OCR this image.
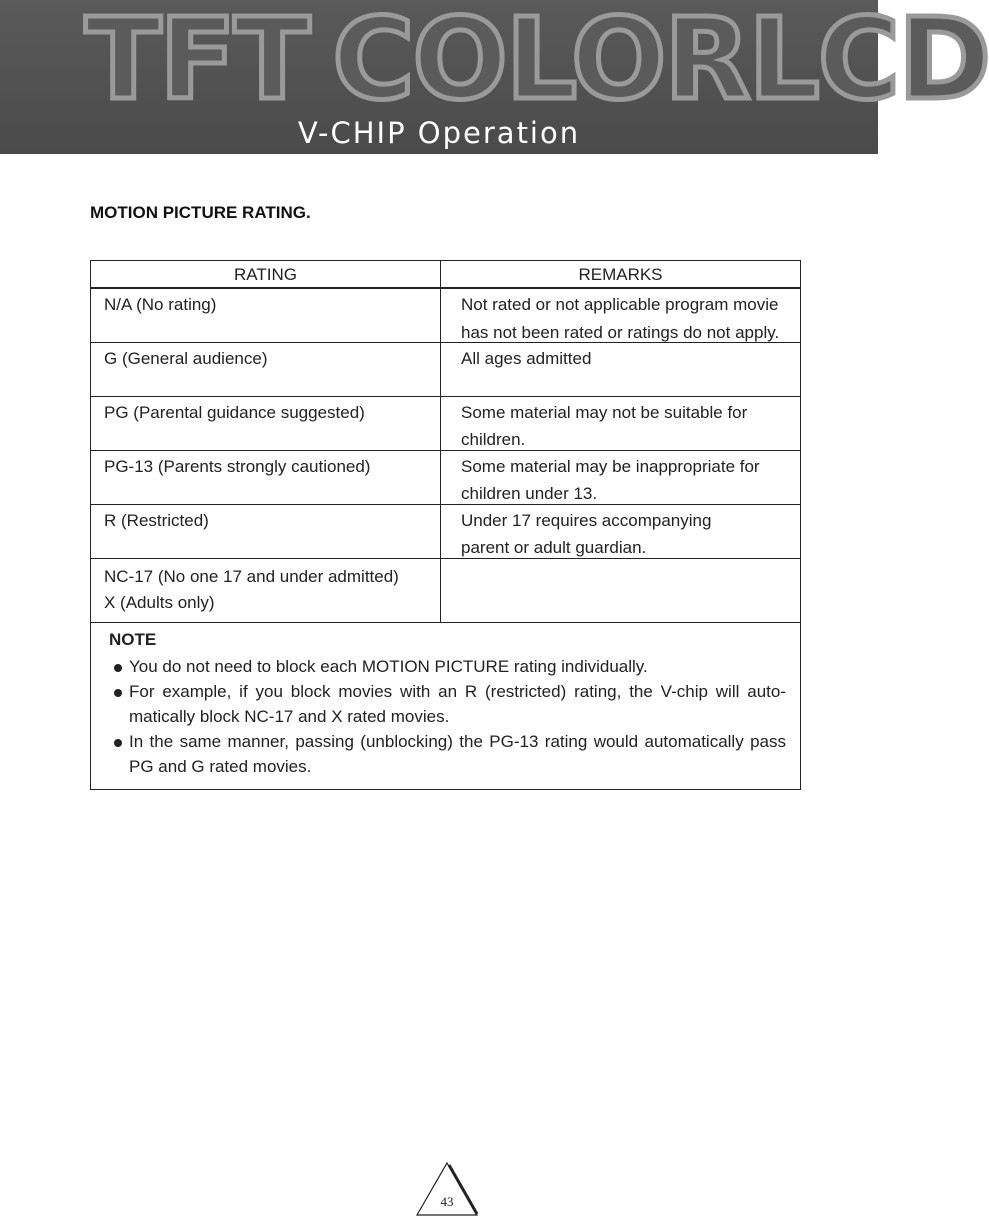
TFT COLORLCD
V-CHIP Operation
MOTION PICTURE RATING.
RATING	REMARKS
N/A (No rating)	Not rated or not applicable program movie
has not been rated or ratings do not apply.
G (General audience)	All ages admitted
PG (Parental guidance suggested)	Some material may not be suitable for
children.
PG-13 (Parents strongly cautioned)	Some material may be inappropriate for
children under 13.
R (Restricted)	Under 17 requires accompanying
parent or adult guardian.
NC-17 (No one 17 and under admitted)
X (Adults only)
NOTE
You do not need to block each MOTION PICTURE rating individually.
For example, if you block movies with an R (restricted) rating, the V-chip will auto-matically block NC-17 and X rated movies.
In the same manner, passing (unblocking) the PG-13 rating would automatically pass PG and G rated movies.
43
